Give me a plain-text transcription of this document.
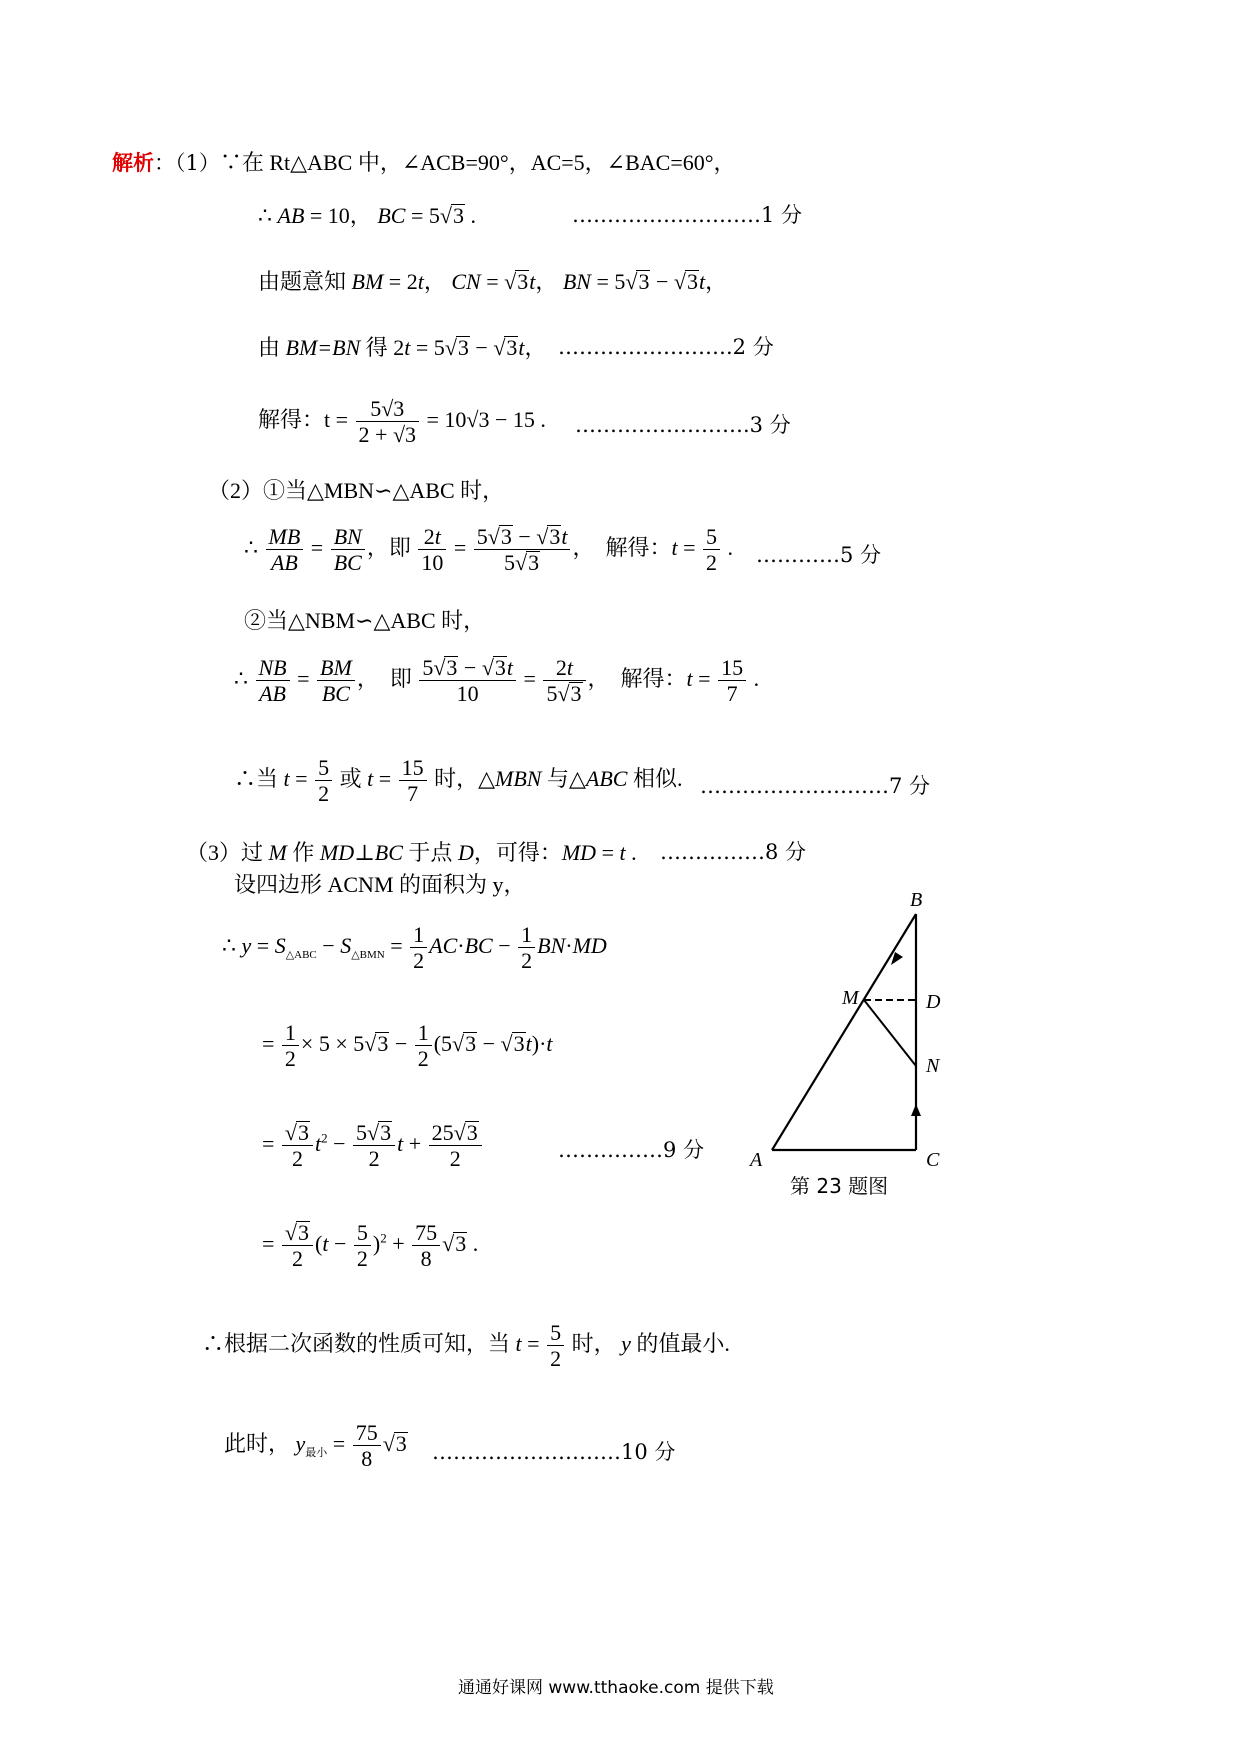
解析：（1）∵在 Rt△ABC 中，∠ACB=90°，AC=5，∠BAC=60°，
∴ AB = 10， BC = 5√3 .	………………………1 分
由题意知 BM = 2t， CN = √3t， BN = 5√3 − √3t，
由 BM=BN 得 2t = 5√3 − √3t， …………………….2 分
解得：$t = \frac{5√3}{2 + √3} = 10√3 - 15$ . …………………….3 分
（2）①当△MBN∽△ABC 时，
∴ $\frac{MB}{AB} = \frac{BN}{BC}$ ，即 $\frac{2t}{10} = \frac{5√3 - √3t}{5√3}$ ，  解得：$t = \frac{5}{2}$ . …………5 分
②当△NBM∽△ABC 时，
∴ $\frac{NB}{AB} = \frac{BM}{BC}$ ，  即 $\frac{5√3 - √3t}{10} = \frac{2t}{5√3}$ ，  解得：$t = \frac{15}{7}$ .
∴当 $t = \frac{5}{2}$ 或 $t = \frac{15}{7}$ 时，△MBN 与△ABC 相似. ………………………7 分
（3）过 M 作 MD⊥BC 于点 D，可得：MD = t . ……………8 分
设四边形 ACNM 的面积为 y，
∴ $y = S_{\triangle ABC} - S_{\triangle BMN} = \frac{1}{2} AC\cdot BC - \frac{1}{2} BN\cdot MD$
= $\frac{1}{2} \times 5 \times 5√3 - \frac{1}{2} (5√3 - √3t)\cdot t$
= $\frac{√3}{2} t^2 - \frac{5√3}{2}$ $t + \frac{25√3}{2}$	……………9 分
= $\frac{√3}{2} (t - \frac{5}{2} )^2 + \frac{75}{8} √3$ .
∴根据二次函数的性质可知，当 $t = \frac{5}{2}$ 时， y 的值最小.
此时， $y_{最小} = \frac{75}{8} √3$ ………………………10 分
B
M	D
N
A	C
第 23 题图
通通好课网 www.tthaoke.com 提供下载
